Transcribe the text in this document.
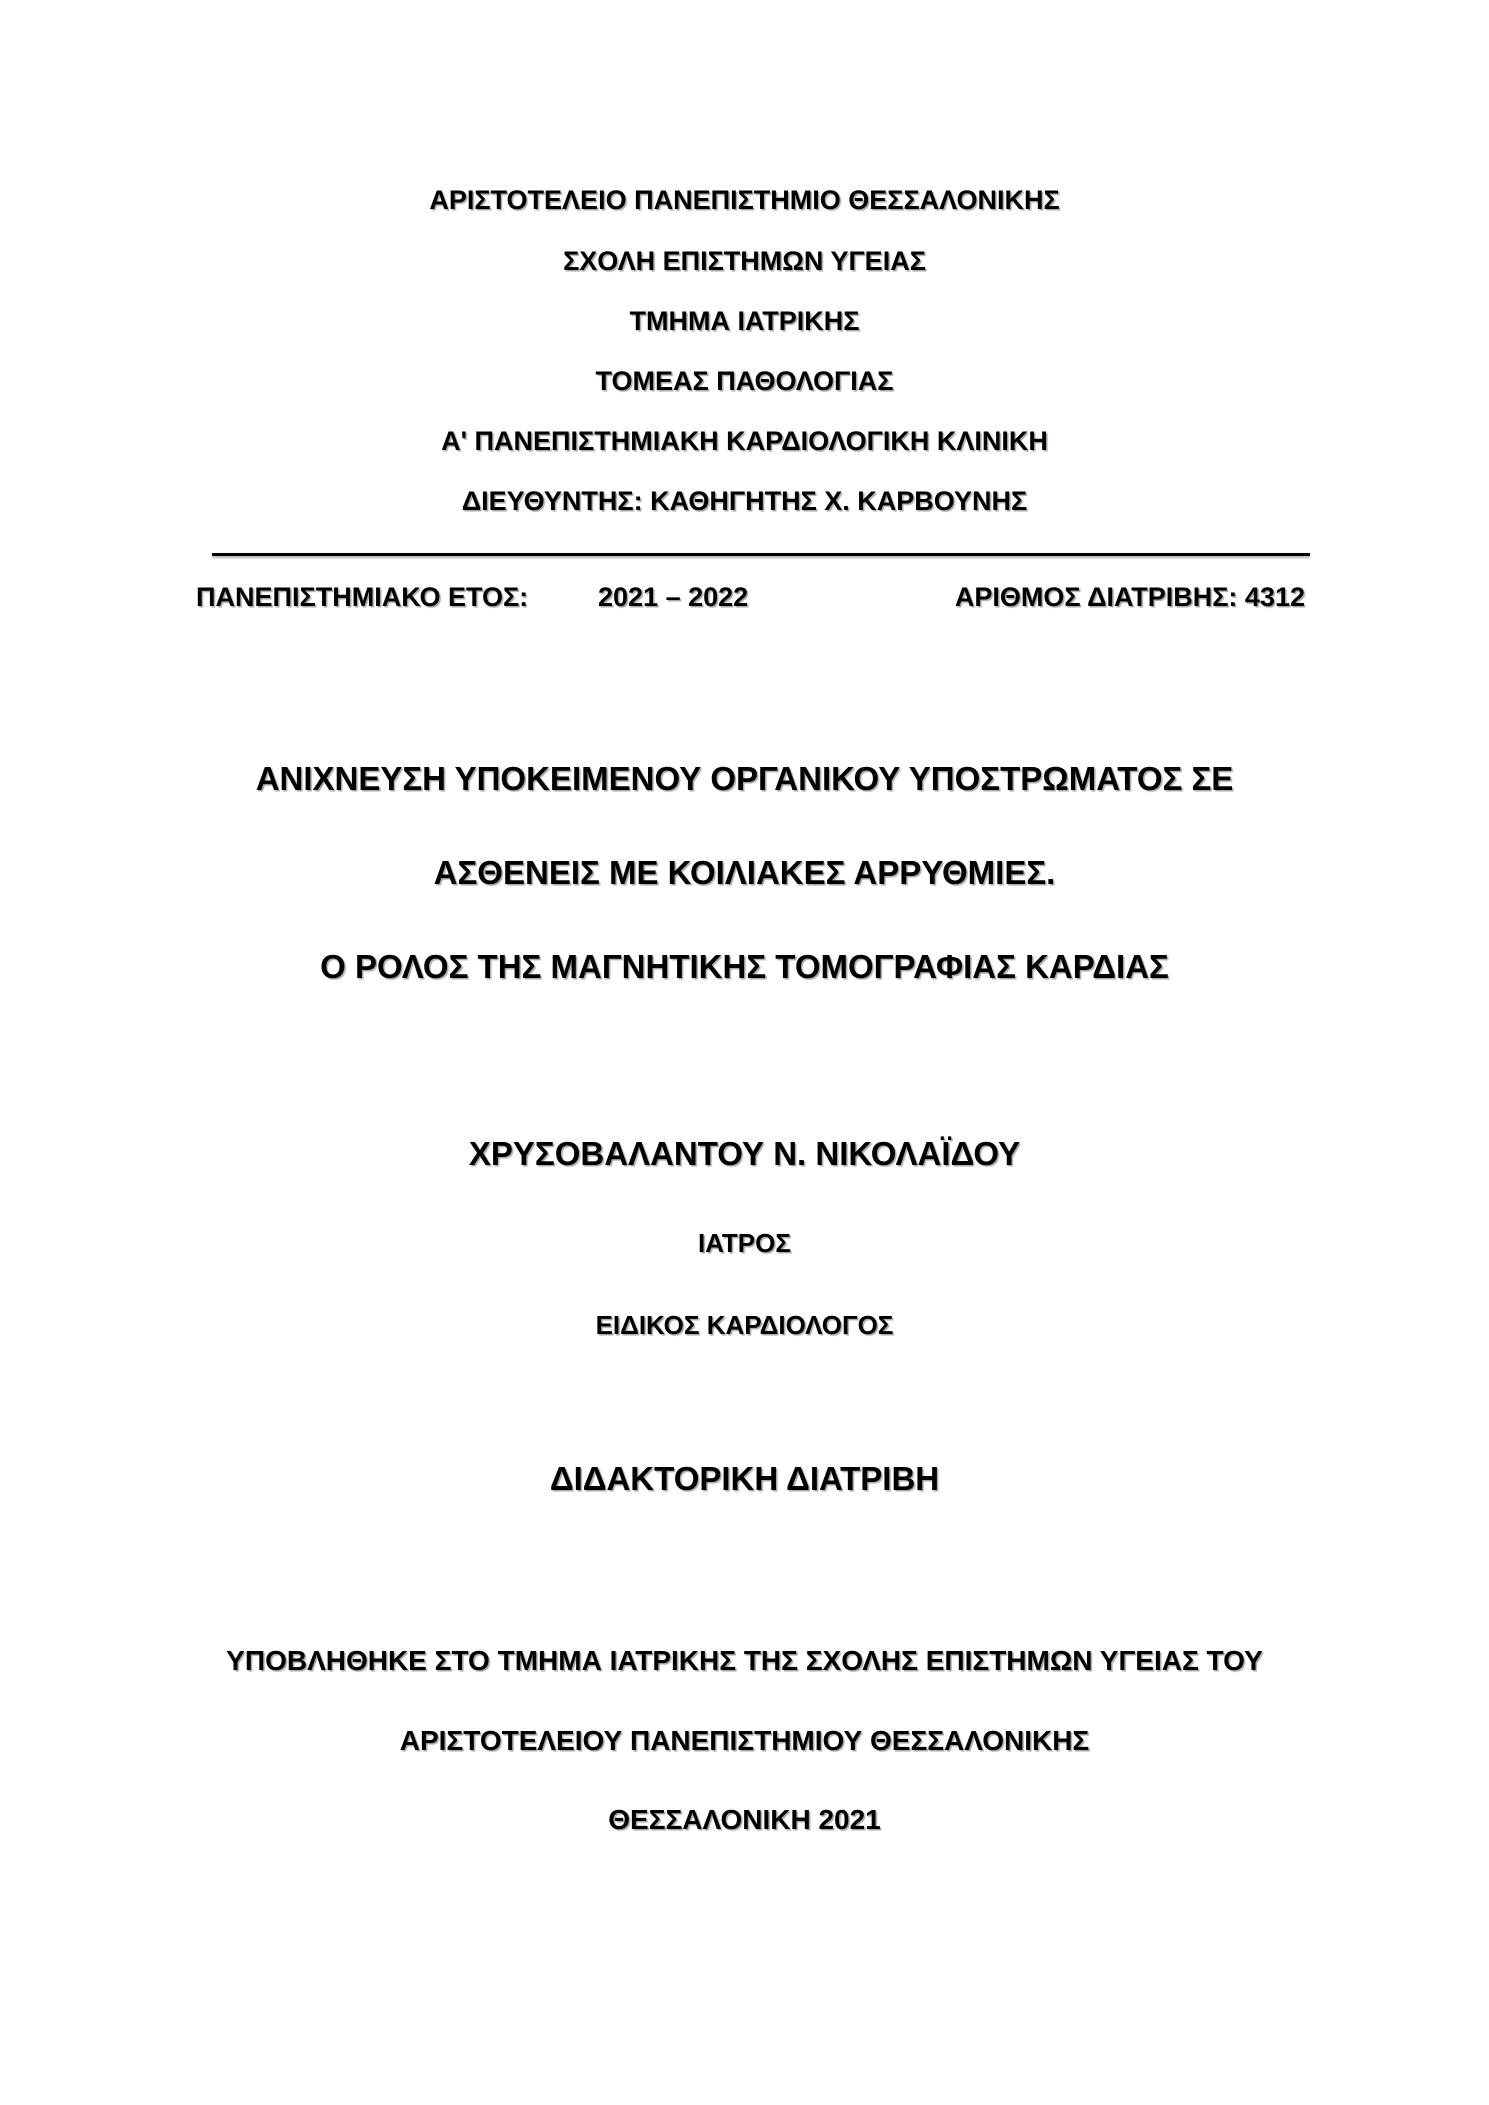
ΑΡΙΣΤΟΤΕΛΕΙΟ ΠΑΝΕΠΙΣΤΗΜΙΟ ΘΕΣΣΑΛΟΝΙΚΗΣ
ΣΧΟΛΗ ΕΠΙΣΤΗΜΩΝ ΥΓΕΙΑΣ
ΤΜΗΜΑ ΙΑΤΡΙΚΗΣ
ΤΟΜΕΑΣ ΠΑΘΟΛΟΓΙΑΣ
Α' ΠΑΝΕΠΙΣΤΗΜΙΑΚΗ ΚΑΡΔΙΟΛΟΓΙΚΗ ΚΛΙΝΙΚΗ
ΔΙΕΥΘΥΝΤΗΣ: ΚΑΘΗΓΗΤΗΣ Χ. ΚΑΡΒΟΥΝΗΣ
ΠΑΝΕΠΙΣΤΗΜΙΑΚΟ ΕΤΟΣ:	2021 – 2022	ΑΡΙΘΜΟΣ ΔΙΑΤΡΙΒΗΣ: 4312
ΑΝΙΧΝΕΥΣΗ ΥΠΟΚΕΙΜΕΝΟΥ ΟΡΓΑΝΙΚΟΥ ΥΠΟΣΤΡΩΜΑΤΟΣ ΣΕ
ΑΣΘΕΝΕΙΣ ΜΕ ΚΟΙΛΙΑΚΕΣ ΑΡΡΥΘΜΙΕΣ.
Ο ΡΟΛΟΣ ΤΗΣ ΜΑΓΝΗΤΙΚΗΣ ΤΟΜΟΓΡΑΦΙΑΣ ΚΑΡΔΙΑΣ
ΧΡΥΣΟΒΑΛΑΝΤΟΥ Ν. ΝΙΚΟΛΑΪΔΟΥ
ΙΑΤΡΟΣ
ΕΙΔΙΚΟΣ ΚΑΡΔΙΟΛΟΓΟΣ
ΔΙΔΑΚΤΟΡΙΚΗ ΔΙΑΤΡΙΒΗ
ΥΠΟΒΛΗΘΗΚΕ ΣΤΟ ΤΜΗΜΑ ΙΑΤΡΙΚΗΣ ΤΗΣ ΣΧΟΛΗΣ ΕΠΙΣΤΗΜΩΝ ΥΓΕΙΑΣ ΤΟΥ
ΑΡΙΣΤΟΤΕΛΕΙΟΥ ΠΑΝΕΠΙΣΤΗΜΙΟΥ ΘΕΣΣΑΛΟΝΙΚΗΣ
ΘΕΣΣΑΛΟΝΙΚΗ 2021
